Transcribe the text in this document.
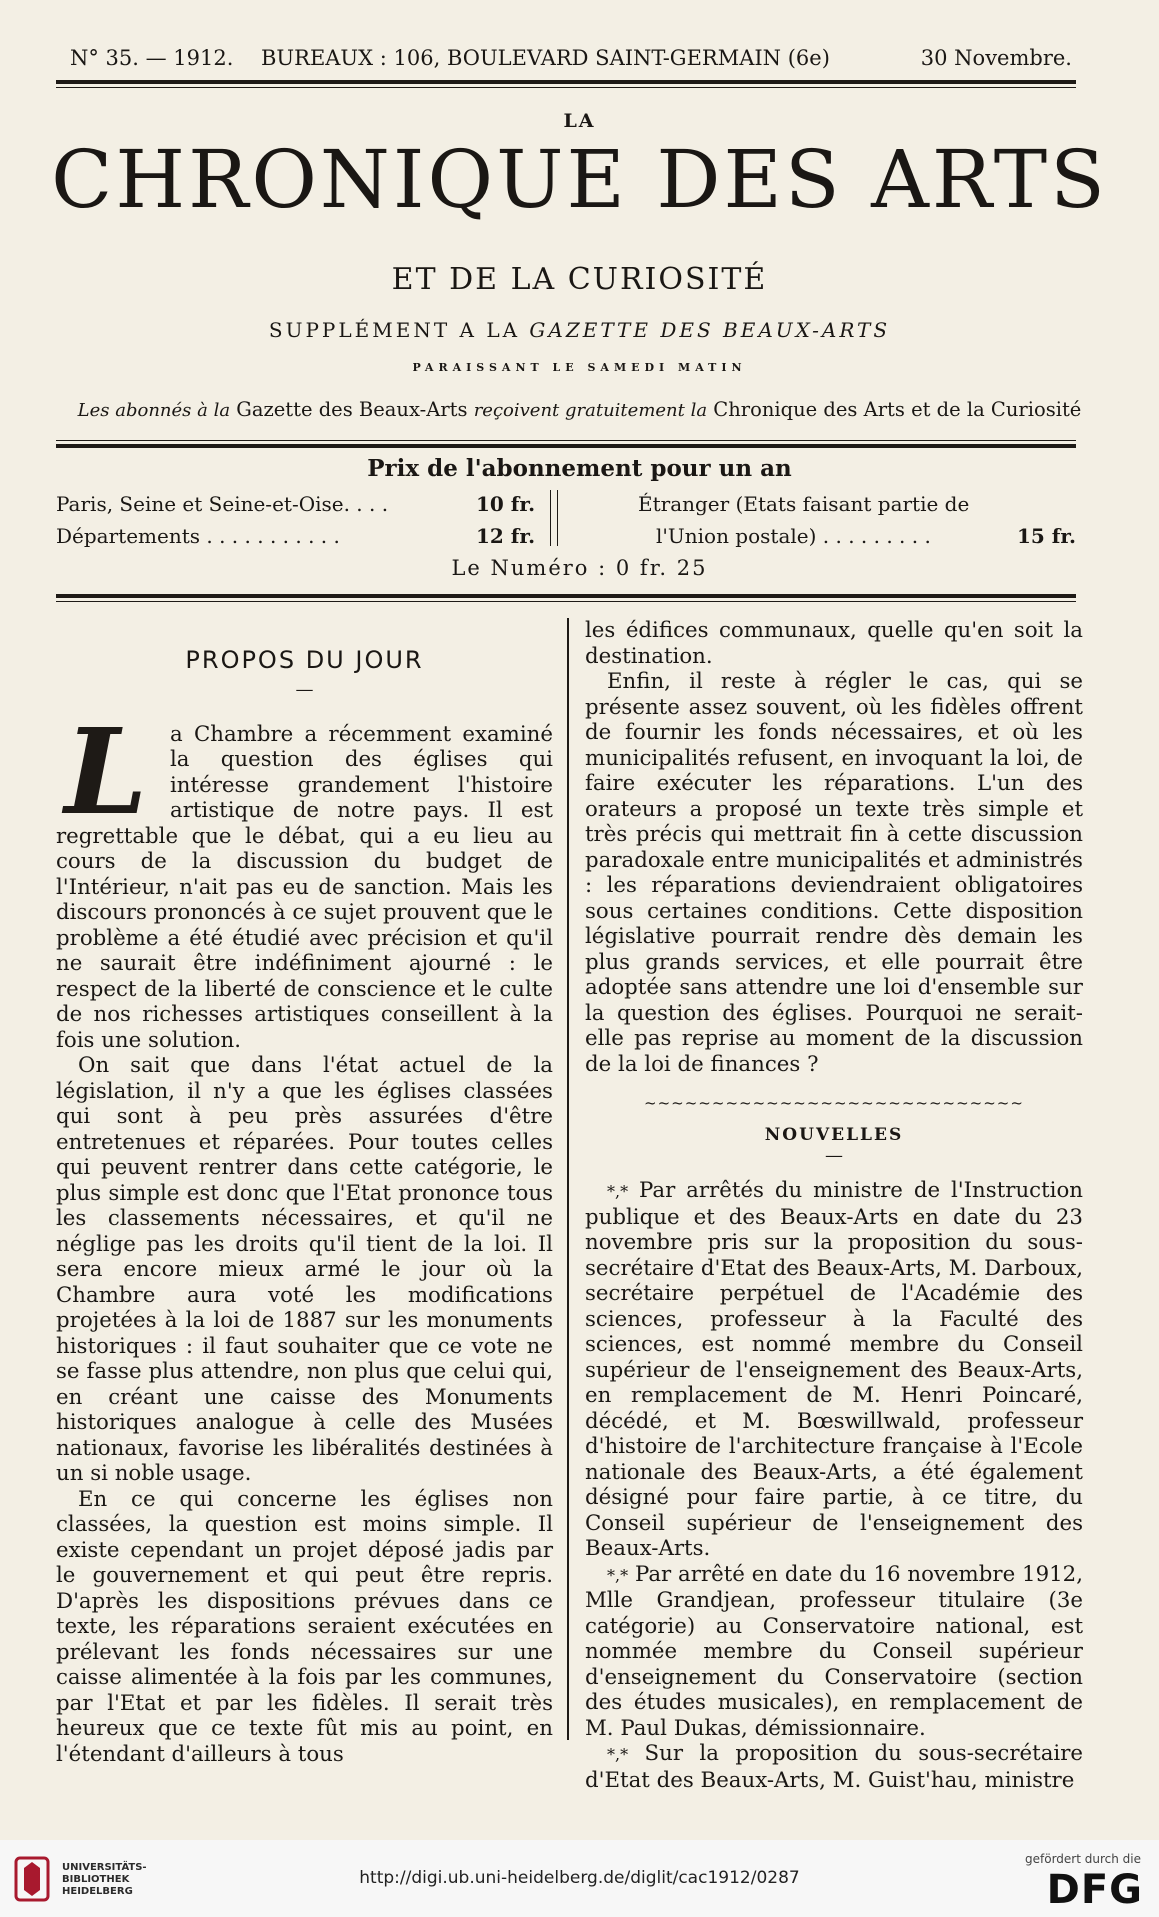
N° 35. — 1912. BUREAUX : 106, BOULEVARD SAINT-GERMAIN (6e)	30 Novembre.
LA
CHRONIQUE DES ARTS
ET DE LA CURIOSITÉ
SUPPLÉMENT A LA GAZETTE DES BEAUX-ARTS
PARAISSANT LE SAMEDI MATIN
Les abonnés à la Gazette des Beaux-Arts reçoivent gratuitement la Chronique des Arts et de la Curiosité
Prix de l'abonnement pour un an
Paris, Seine et Seine-et-Oise. . . .	10 fr.	Étranger (Etats faisant partie de
Départements . . . . . . . . . . .	12 fr.	l'Union postale) . . . . . . . . .	15 fr.
Le Numéro : 0 fr. 25
PROPOS DU JOUR
—

L	a Chambre a récemment examiné la question des églises qui intéresse grandement l'histoire artistique de notre pays. Il est regrettable que le débat, qui a eu lieu au cours de la discussion du budget de l'Intérieur, n'ait pas eu de sanction. Mais les discours prononcés à ce sujet prouvent que le problème a été étudié avec précision et qu'il ne saurait être indéfiniment ajourné : le respect de la liberté de conscience et le culte de nos richesses artistiques conseillent à la fois une solution.

On sait que dans l'état actuel de la législation, il n'y a que les églises classées qui sont à peu près assurées d'être entretenues et réparées. Pour toutes celles qui peuvent rentrer dans cette catégorie, le plus simple est donc que l'Etat prononce tous les classements nécessaires, et qu'il ne néglige pas les droits qu'il tient de la loi. Il sera encore mieux armé le jour où la Chambre aura voté les modifications projetées à la loi de 1887 sur les monuments historiques : il faut souhaiter que ce vote ne se fasse plus attendre, non plus que celui qui, en créant une caisse des Monuments historiques analogue à celle des Musées nationaux, favorise les libéralités destinées à un si noble usage.

En ce qui concerne les églises non classées, la question est moins simple. Il existe cependant un projet déposé jadis par le gouvernement et qui peut être repris. D'après les dispositions prévues dans ce texte, les réparations seraient exécutées en prélevant les fonds nécessaires sur une caisse alimentée à la fois par les communes, par l'Etat et par les fidèles. Il serait très heureux que ce texte fût mis au point, en l'étendant d'ailleurs à tous

les édifices communaux, quelle qu'en soit la destination.

Enfin, il reste à régler le cas, qui se présente assez souvent, où les fidèles offrent de fournir les fonds nécessaires, et où les municipalités refusent, en invoquant la loi, de faire exécuter les réparations. L'un des orateurs a proposé un texte très simple et très précis qui mettrait fin à cette discussion paradoxale entre municipalités et administrés : les réparations deviendraient obligatoires sous certaines conditions. Cette disposition législative pourrait rendre dès demain les plus grands services, et elle pourrait être adoptée sans attendre une loi d'ensemble sur la question des églises. Pourquoi ne serait-elle pas reprise au moment de la discussion de la loi de finances ?

~~~~~~~~~~~~~~~~~~~~~~~~~~~~
NOUVELLES
—

*,* Par arrêtés du ministre de l'Instruction publique et des Beaux-Arts en date du 23 novembre pris sur la proposition du sous-secrétaire d'Etat des Beaux-Arts, M. Darboux, secrétaire perpétuel de l'Académie des sciences, professeur à la Faculté des sciences, est nommé membre du Conseil supérieur de l'enseignement des Beaux-Arts, en remplacement de M. Henri Poincaré, décédé, et M. Bœswillwald, professeur d'histoire de l'architecture française à l'Ecole nationale des Beaux-Arts, a été également désigné pour faire partie, à ce titre, du Conseil supérieur de l'enseignement des Beaux-Arts.

*,* Par arrêté en date du 16 novembre 1912, Mlle Grandjean, professeur titulaire (3e catégorie) au Conservatoire national, est nommée membre du Conseil supérieur d'enseignement du Conservatoire (section des études musicales), en remplacement de M. Paul Dukas, démissionnaire.

*,* Sur la proposition du sous-secrétaire d'Etat des Beaux-Arts, M. Guist'hau, ministre

UNIVERSITÄTS-
BIBLIOTHEK
HEIDELBERG
http://digi.ub.uni-heidelberg.de/diglit/cac1912/0287
gefördert durch die
DFG
